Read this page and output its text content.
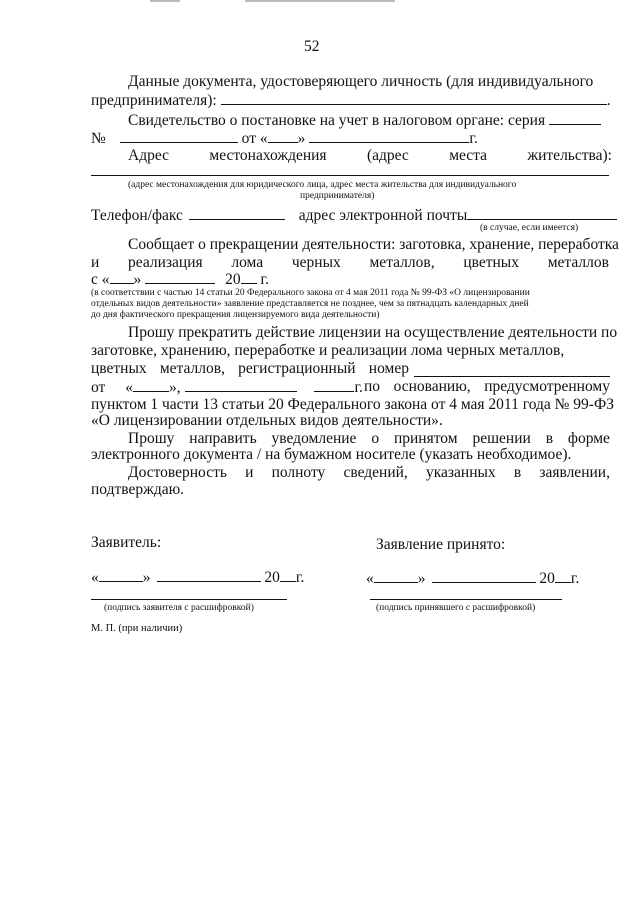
52
Данные документа, удостоверяющего личность (для индивидуального
предпринимателя):	.
Свидетельство о постановке на учет в налоговом органе: серия
№	от « »	г.
Адрес	местонахождения	(адрес	места	жительства):
(адрес местонахождения для юридического лица, адрес места жительства для индивидуального
предпринимателя)
Телефон/факс	адрес электронной почты
(в случае, если имеется)
Сообщает о прекращении деятельности: заготовка, хранение, переработка
и реализация лома черных металлов, цветных металлов
с « »	20 г.
(в соответствии с частью 14 статьи 20 Федерального закона от 4 мая 2011 года № 99-ФЗ «О лицензировании
отдельных видов деятельности» заявление представляется не позднее, чем за пятнадцать календарных дней
до дня фактического прекращения лицензируемого вида деятельности)
Прошу прекратить действие лицензии на осуществление деятельности по
заготовке, хранению, переработке и реализации лома черных металлов,
цветных металлов, регистрационный номер
от « »,	г. по основанию, предусмотренному
пунктом 1 части 13 статьи 20 Федерального закона от 4 мая 2011 года № 99-ФЗ
«О лицензировании отдельных видов деятельности».
Прошу направить уведомление о принятом решении в форме
электронного документа / на бумажном носителе (указать необходимое).
Достоверность и полноту сведений, указанных в заявлении,
подтверждаю.
Заявитель:	Заявление принято:
«	»	20 г.	«	»	20 г.
(подпись заявителя с расшифровкой)	(подпись принявшего с расшифровкой)
М. П. (при наличии)
